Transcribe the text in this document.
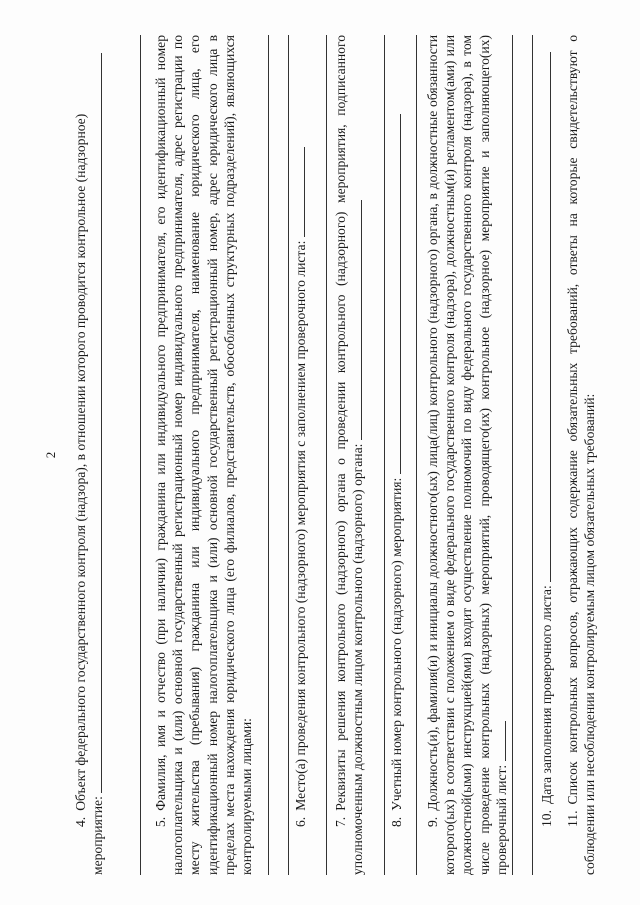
2

4.Объект федерального государственного контроля (надзора), в отношении которого проводится контрольное (надзорное)

мероприятие:	5.Фамилия, имя и отчество (при наличии) гражданина или индивидуального предпринимателя, его идентификационный номер налогоплательщика и (или) основной государственный регистрационный номер индивидуального предпринимателя, адрес регистрации по месту жительства (пребывания) гражданина или индивидуального предпринимателя, наименование юридического лица, его идентификационный номер налогоплательщика и (или) основной государственный регистрационный номер, адрес юридического лица в пределах места нахождения юридического лица (его филиалов, представительств, обособленных структурных подразделений), являющихся контролируемыми лицами:	6.Место(а) проведения контрольного (надзорного) мероприятия с заполнением проверочного листа:

7.Реквизиты решения контрольного (надзорного) органа о проведении контрольного (надзорного) мероприятия, подписанного уполномоченным должностным лицом контрольного (надзорного) органа: 8.Учетный номер контрольного (надзорного) мероприятия:

9.Должность(и), фамилия(и) и инициалы должностного(ых) лица(лиц) контрольного (надзорного) органа, в должностные обязанности которого(ых) в соответствии с положением о виде федерального государственного контроля (надзора), должностным(и) регламентом(ами) или должностной(ыми) инструкцией(ями) входит осуществление полномочий по виду федерального государственного контроля (надзора), в том числе проведение контрольных (надзорных) мероприятий, проводящего(их) контрольное (надзорное) мероприятие и заполняющего(их) проверочный лист: 10.Дата заполнения проверочного листа:

11.Список контрольных вопросов, отражающих содержание обязательных требований, ответы на которые свидетельствуют о соблюдении или несоблюдении контролируемым лицом обязательных требований:
